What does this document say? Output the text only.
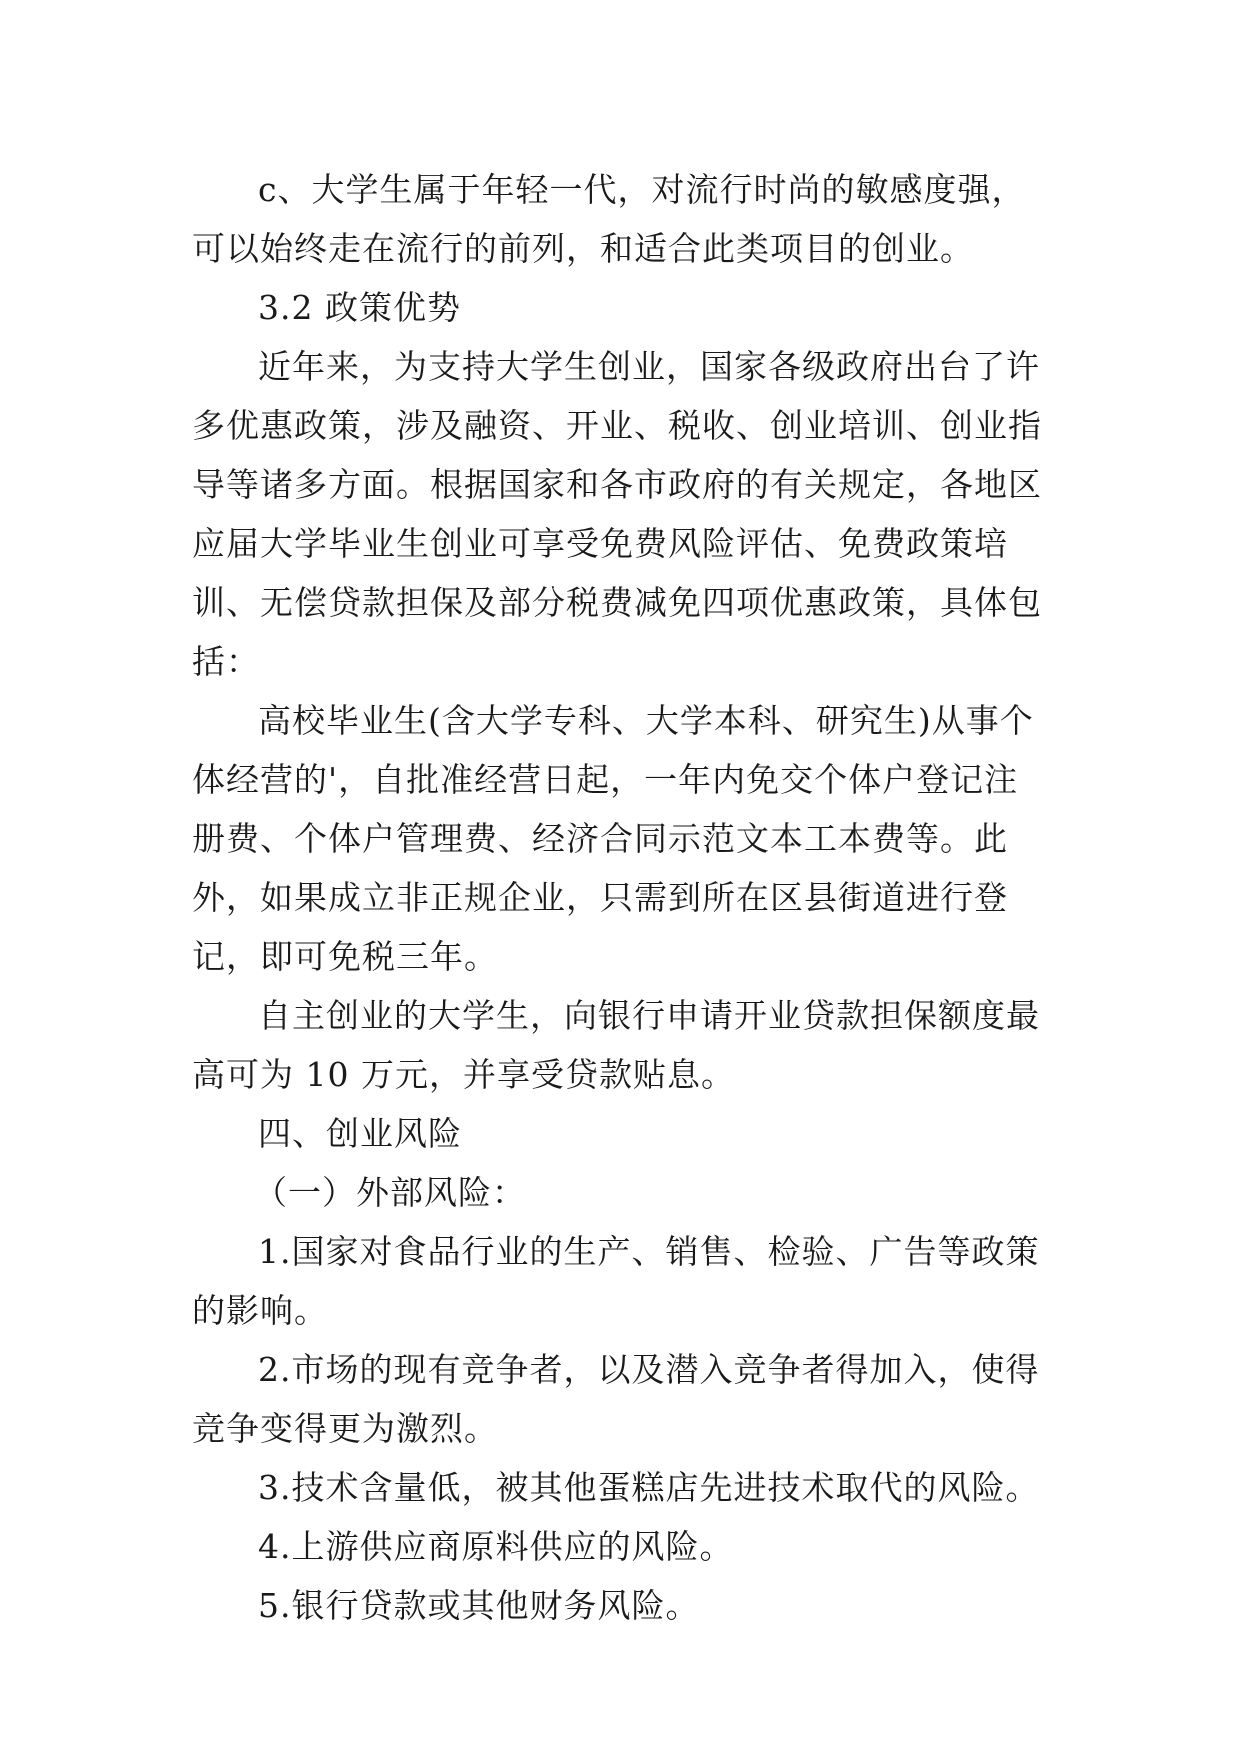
c、大学生属于年轻一代，对流行时尚的敏感度强，可以始终走在流行的前列，和适合此类项目的创业。

3.2 政策优势

近年来，为支持大学生创业，国家各级政府出台了许多优惠政策，涉及融资、开业、税收、创业培训、创业指导等诸多方面。根据国家和各市政府的有关规定，各地区应届大学毕业生创业可享受免费风险评估、免费政策培训、无偿贷款担保及部分税费减免四项优惠政策，具体包括：

高校毕业生(含大学专科、大学本科、研究生)从事个体经营的'，自批准经营日起，一年内免交个体户登记注册费、个体户管理费、经济合同示范文本工本费等。此外，如果成立非正规企业，只需到所在区县街道进行登记，即可免税三年。

自主创业的大学生，向银行申请开业贷款担保额度最高可为 10 万元，并享受贷款贴息。

四、创业风险

（一）外部风险：

1.国家对食品行业的生产、销售、检验、广告等政策的影响。

2.市场的现有竞争者，以及潜入竞争者得加入，使得竞争变得更为激烈。

3.技术含量低，被其他蛋糕店先进技术取代的风险。

4.上游供应商原料供应的风险。

5.银行贷款或其他财务风险。
